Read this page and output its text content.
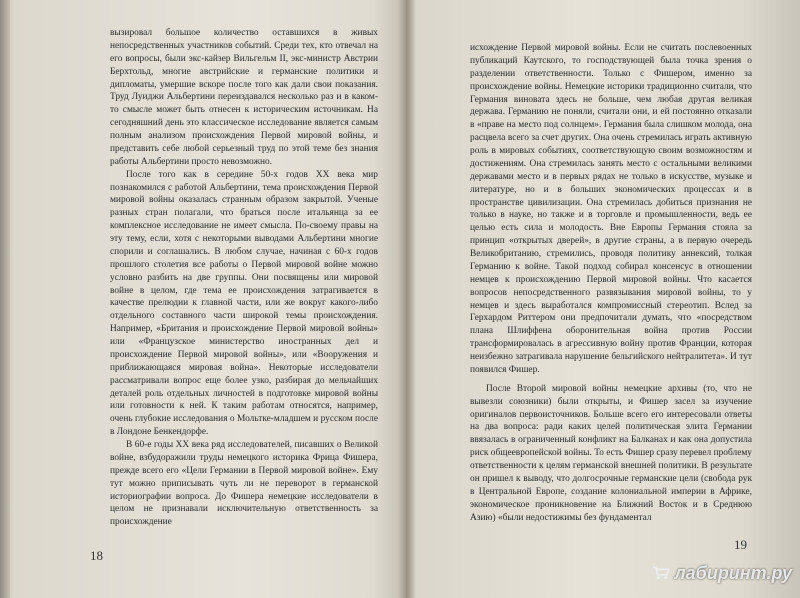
вызировал большое количество оставшихся в живых непосредственных участников событий. Среди тех, кто отвечал на его вопросы, были экс-кайзер Вильгельм II, экс-министр Австрии Берхтольд, многие австрийские и германские политики и дипломаты, умершие вскоре после того как дали свои показания. Труд Луиджи Альбертини переиздавался несколько раз и в каком-то смысле может быть отнесен к историческим источникам. На сегодняшний день это классическое исследование является самым полным анализом происхождения Первой мировой войны, и представить себе любой серьезный труд по этой теме без знания работы Альбертини просто невозможно.

После того как в середине 50-х годов XX века мир познакомился с работой Альбертини, тема происхождения Первой мировой войны оказалась странным образом закрытой. Ученые разных стран полагали, что браться после итальянца за ее комплексное исследование не имеет смысла. По-своему правы на эту тему, если, хотя с некоторыми выводами Альбертини многие спорили и соглашались. В любом случае, начиная с 60-х годов прошлого столетия все работы о Первой мировой войне можно условно разбить на две группы. Они посвящены или мировой войне в целом, где тема ее происхождения затрагивается в качестве прелюдии к главной части, или же вокруг какого-либо отдельного составного части широкой темы происхождения. Например, «Британия и происхождение Первой мировой войны» или «Французское министерство иностранных дел и происхождение Первой мировой войны», или «Вооружения и приближающаяся мировая война». Некоторые исследователи рассматривали вопрос еще более узко, разбирая до мельчайших деталей роль отдельных личностей в подготовке мировой войны или готовности к ней. К таким работам относятся, например, очень глубокие исследования о Мольтке-младшем и русском после в Лондоне Бенкендорфе.

В 60-е годы XX века ряд исследователей, писавших о Великой войне, взбудоражили труды немецкого историка Фрица Фишера, прежде всего его «Цели Германии в Первой мировой войне». Ему тут можно приписывать чуть ли не переворот в германской историографии вопроса. До Фишера немецкие исследователи в целом не признавали исключительную ответственность за происхождение

18

исхождение Первой мировой войны. Если не считать послевоенных публикаций Каутского, то господствующей была точка зрения о разделении ответственности. Только с Фишером, именно за происхождение войны. Немецкие историки традиционно считали, что Германия виновата здесь не больше, чем любая другая великая держава. Германию не поняли, считали они, и ей постоянно отказали в «праве на место под солнцем». Германия была слишком молода, она расцвела всего за счет других. Она очень стремилась играть активную роль в мировых событиях, соответствующую своим возможностям и достижениям. Она стремилась занять место с остальными великими державами место и в первых рядах не только в искусстве, музыке и литературе, но и в больших экономических процессах и в пространстве цивилизации. Она стремилась добиться признания не только в науке, но также и в торговле и промышленности, ведь ее целью есть сила и молодость. Вне Европы Германия стояла за принцип «открытых дверей», в другие страны, а в первую очередь Великобританию, стремились, проводя политику аннексий, толкая Германию к войне. Такой подход собирал консенсус в отношении немцев к происхождению Первой мировой войны. Что касается вопросов непосредственного развязывания мировой войны, то у немцев и здесь выработался компромиссный стереотип. Вслед за Герхардом Риттером они предпочитали думать, что «посредством плана Шлиффена оборонительная война против России трансформировалась в агрессивную войну против Франции, которая неизбежно затрагивала нарушение бельгийского нейтралитета». И тут появился Фишер.

После Второй мировой войны немецкие архивы (то, что не вывезли союзники) были открыты, и Фишер засел за изучение оригиналов первоисточников. Больше всего его интересовали ответы на два вопроса: ради каких целей политическая элита Германии ввязалась в ограниченный конфликт на Балканах и как она допустила риск общеевропейской войны. То есть Фишер сразу перевел проблему ответственности к целям германской внешней политики. В результате он пришел к выводу, что долгосрочные германские цели (свобода рук в Центральной Европе, создание колониальной империи в Африке, экономическое проникновение на Ближний Восток и в Среднюю Азию) «были недостижимы без фундаментал

19
лабиринт.ру
